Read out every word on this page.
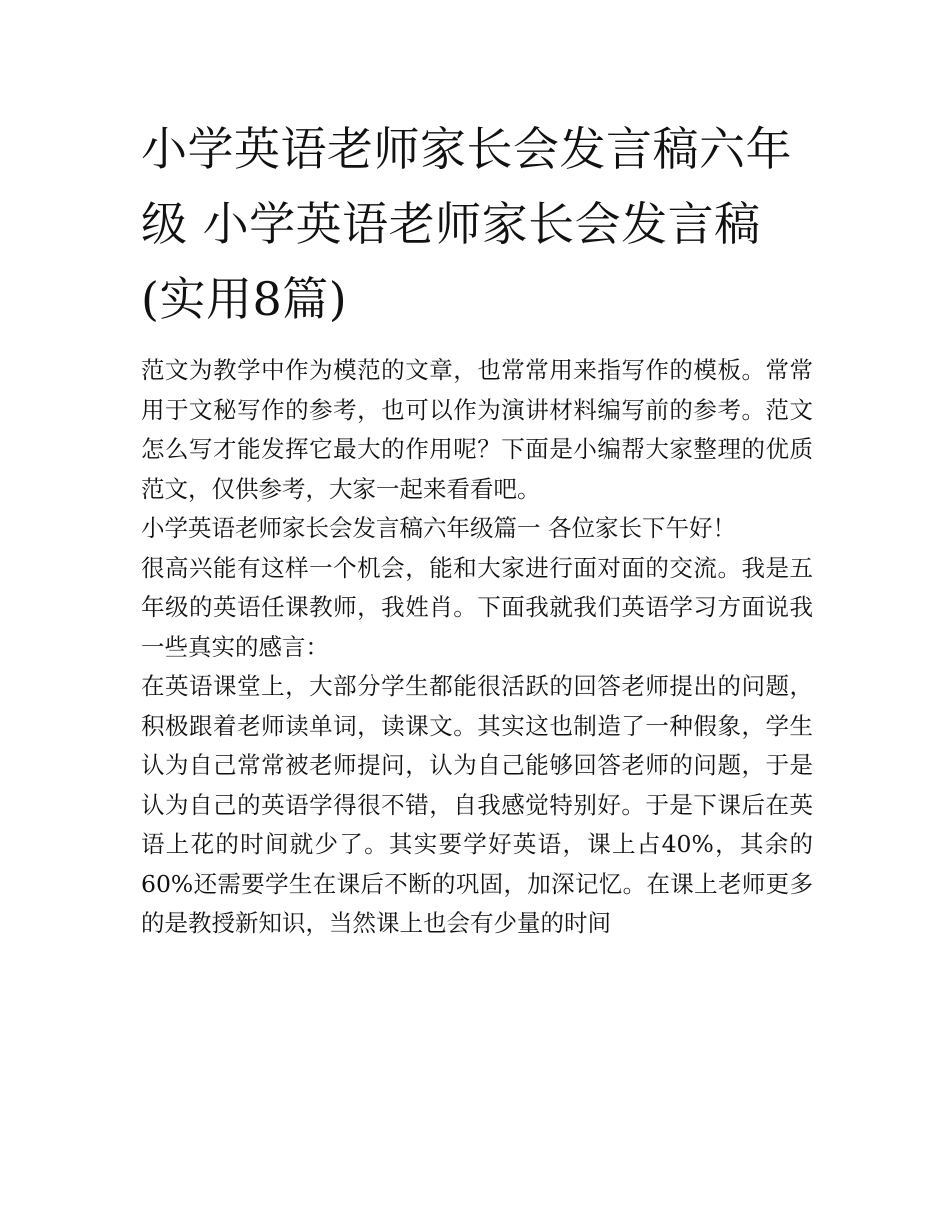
小学英语老师家长会发言稿六年级 小学英语老师家长会发言稿(实用8篇)

范文为教学中作为模范的文章，也常常用来指写作的模板。常常用于文秘写作的参考，也可以作为演讲材料编写前的参考。范文怎么写才能发挥它最大的作用呢？下面是小编帮大家整理的优质范文，仅供参考，大家一起来看看吧。

小学英语老师家长会发言稿六年级篇一 各位家长下午好！

很高兴能有这样一个机会，能和大家进行面对面的交流。我是五年级的英语任课教师，我姓肖。下面我就我们英语学习方面说我一些真实的感言：

在英语课堂上，大部分学生都能很活跃的回答老师提出的问题，积极跟着老师读单词，读课文。其实这也制造了一种假象，学生认为自己常常被老师提问，认为自己能够回答老师的问题，于是认为自己的英语学得很不错，自我感觉特别好。于是下课后在英语上花的时间就少了。其实要学好英语，课上占40%，其余的60%还需要学生在课后不断的巩固，加深记忆。在课上老师更多的是教授新知识，当然课上也会有少量的时间
